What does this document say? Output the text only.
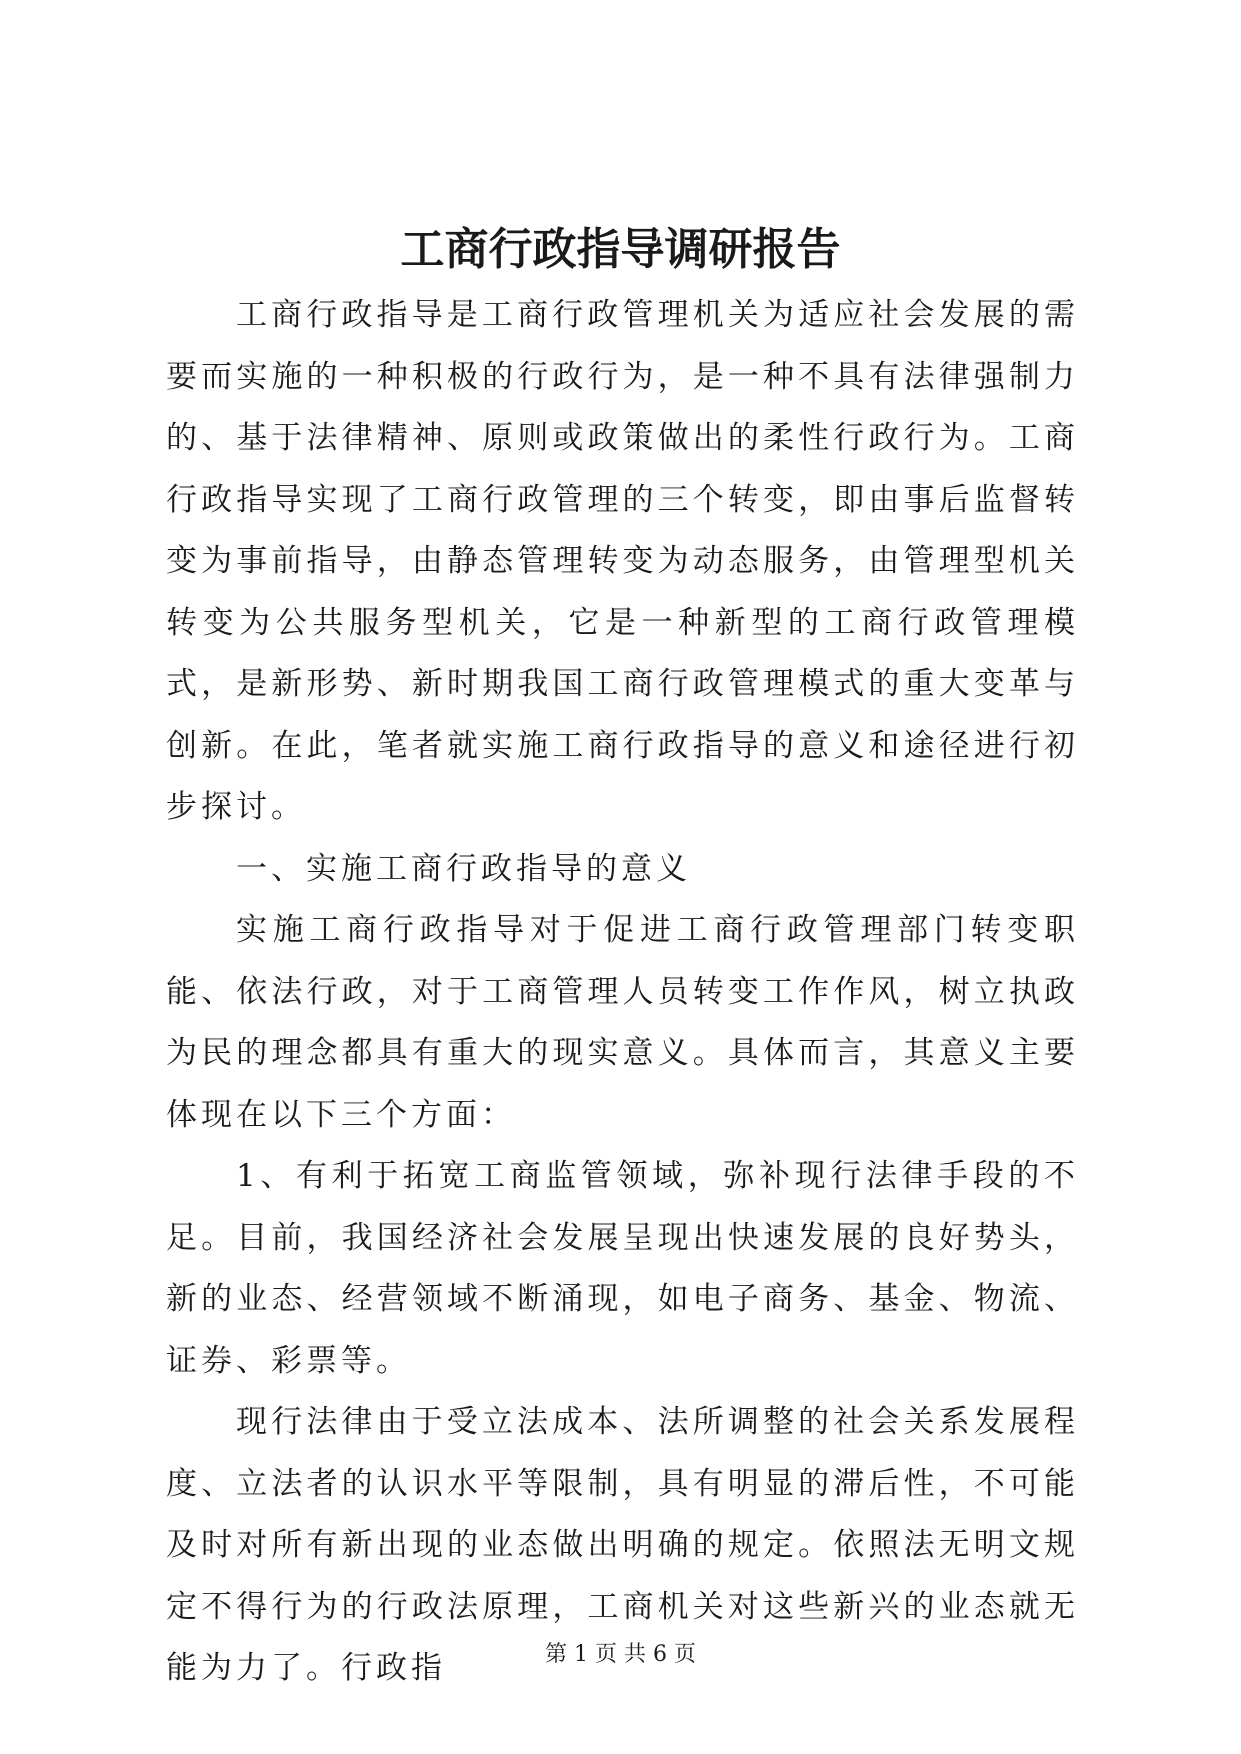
工商行政指导调研报告

工商行政指导是工商行政管理机关为适应社会发展的需要而实施的一种积极的行政行为，是一种不具有法律强制力的、基于法律精神、原则或政策做出的柔性行政行为。工商行政指导实现了工商行政管理的三个转变，即由事后监督转变为事前指导，由静态管理转变为动态服务，由管理型机关转变为公共服务型机关，它是一种新型的工商行政管理模式，是新形势、新时期我国工商行政管理模式的重大变革与创新。在此，笔者就实施工商行政指导的意义和途径进行初步探讨。

一、实施工商行政指导的意义

实施工商行政指导对于促进工商行政管理部门转变职能、依法行政，对于工商管理人员转变工作作风，树立执政为民的理念都具有重大的现实意义。具体而言，其意义主要体现在以下三个方面：

1、有利于拓宽工商监管领域，弥补现行法律手段的不足。目前，我国经济社会发展呈现出快速发展的良好势头，新的业态、经营领域不断涌现，如电子商务、基金、物流、证券、彩票等。

现行法律由于受立法成本、法所调整的社会关系发展程度、立法者的认识水平等限制，具有明显的滞后性，不可能及时对所有新出现的业态做出明确的规定。依照法无明文规定不得行为的行政法原理，工商机关对这些新兴的业态就无能为力了。行政指	第 1 页 共 6 页
